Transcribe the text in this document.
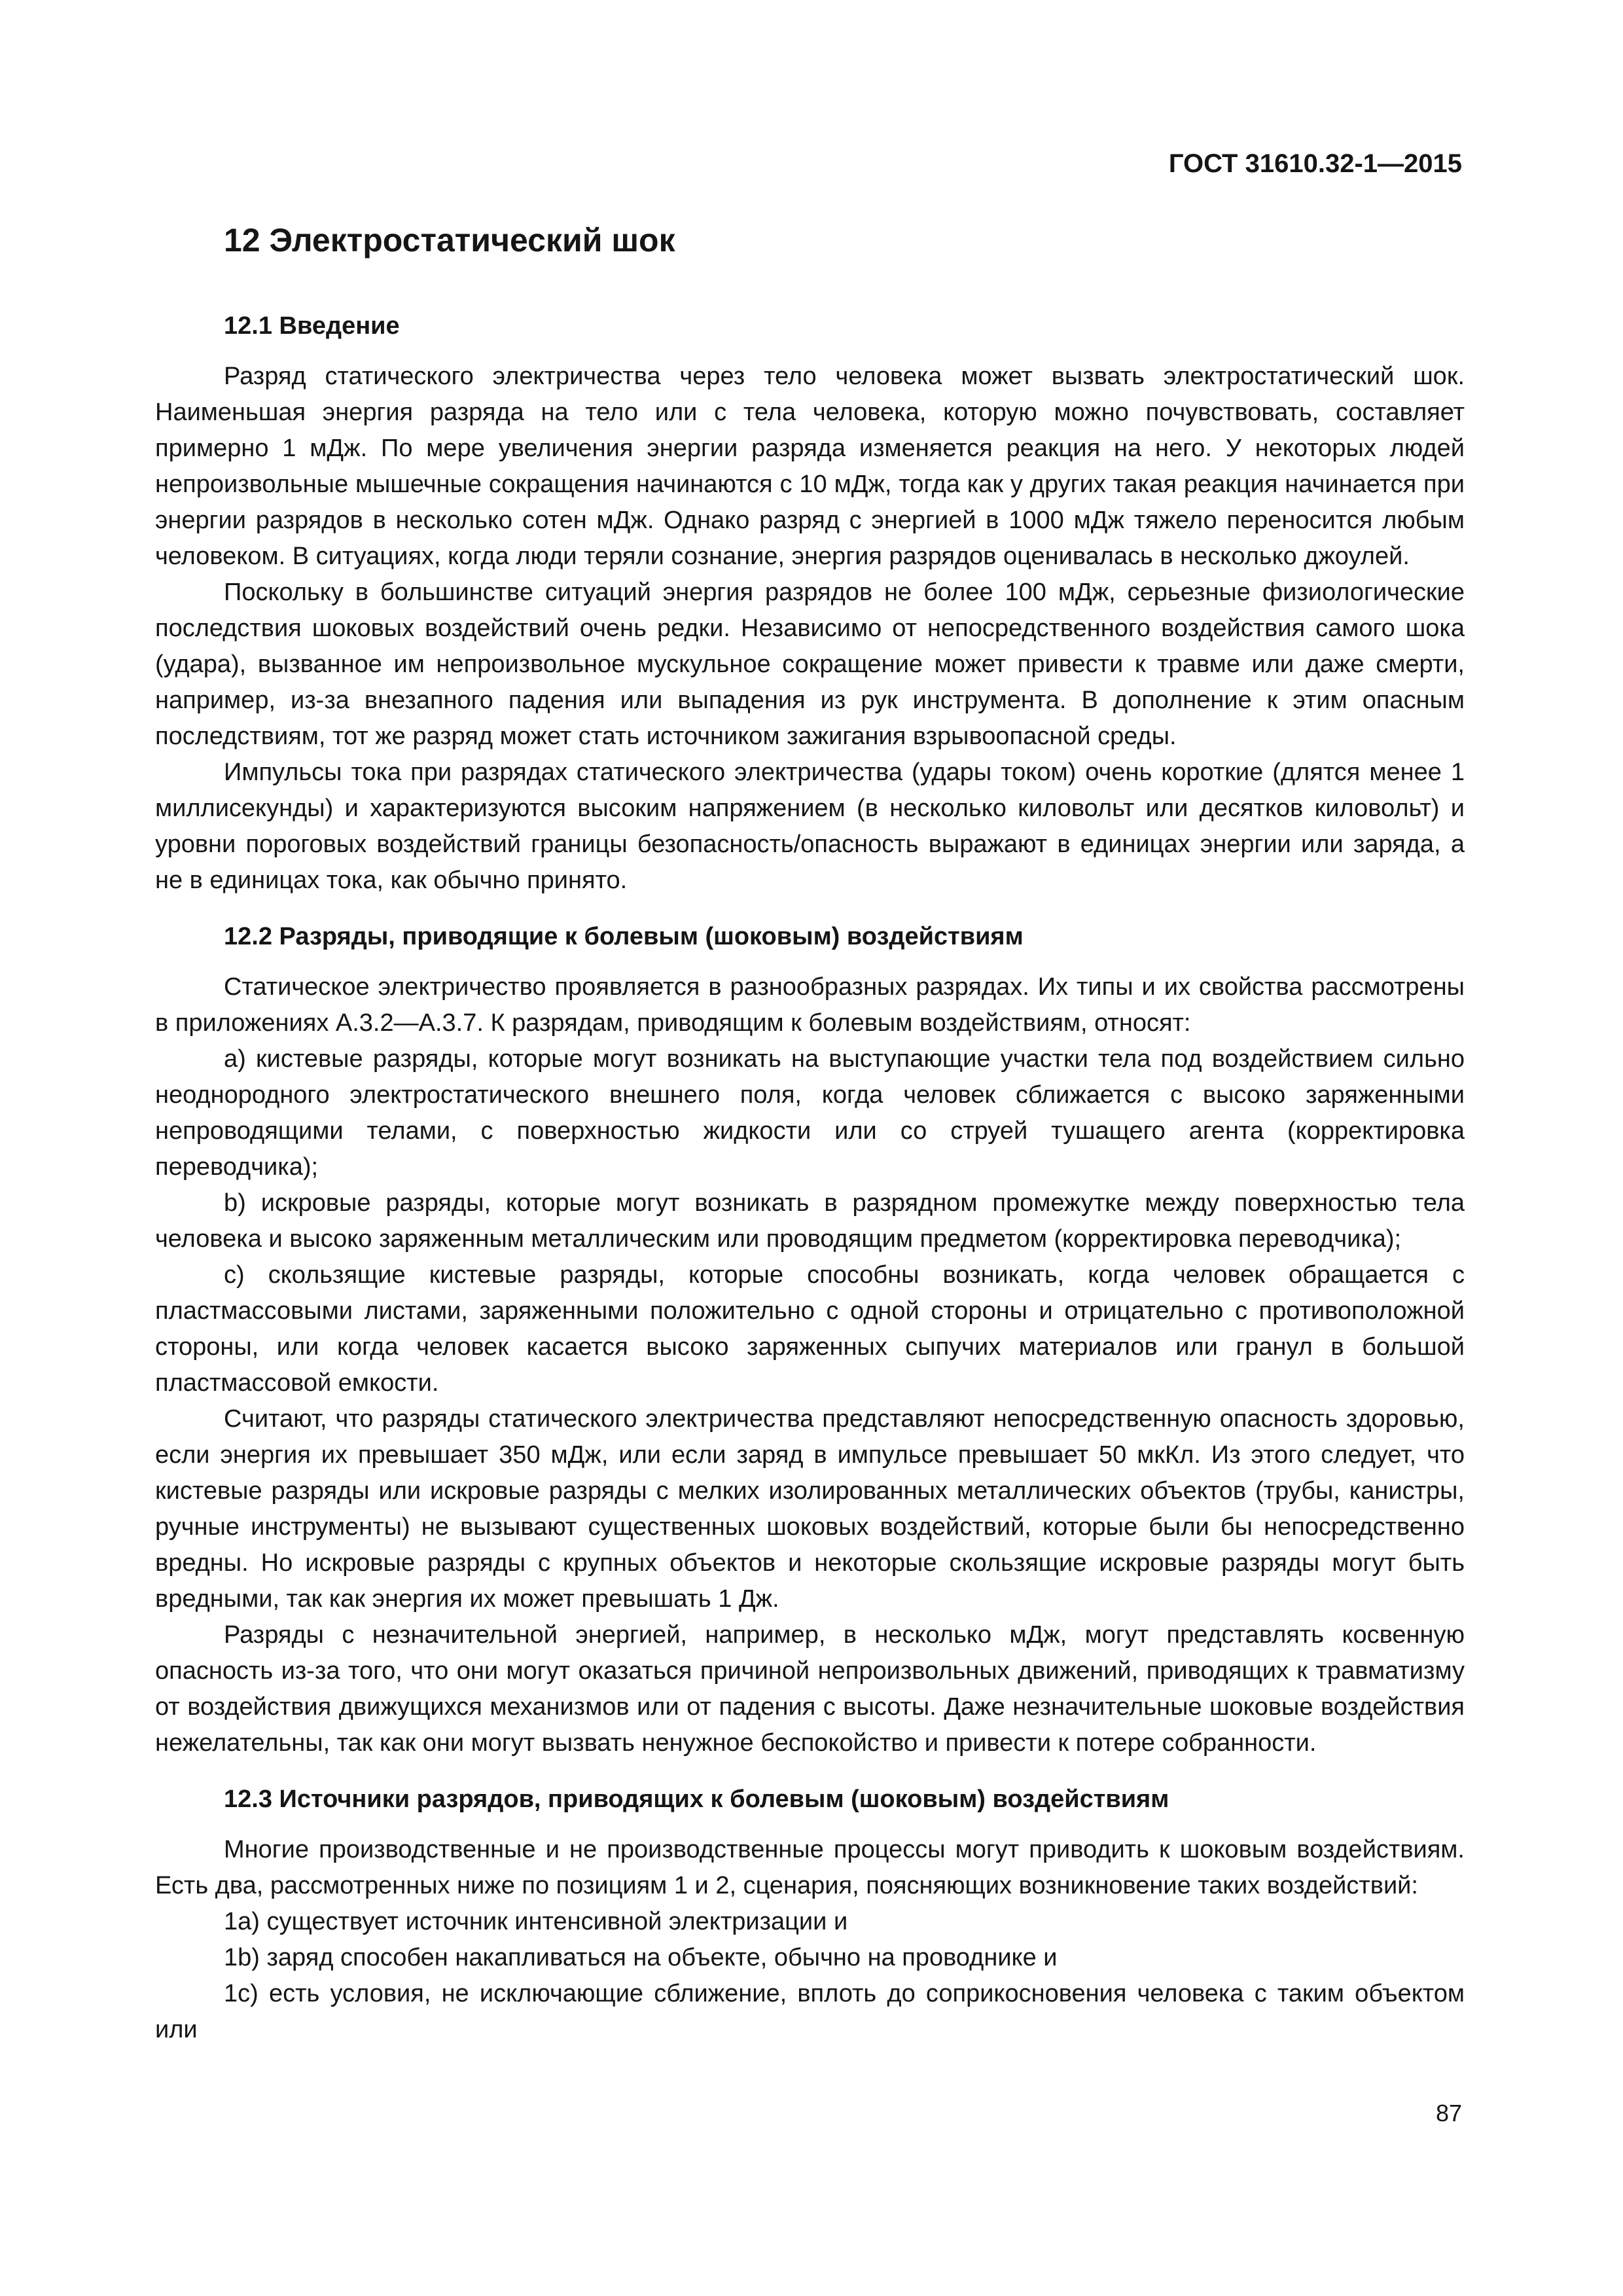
ГОСТ 31610.32-1—2015
12 Электростатический шок
12.1 Введение

Разряд статического электричества через тело человека может вызвать электростатический шок. Наименьшая энергия разряда на тело или с тела человека, которую можно почувствовать, составляет примерно 1 мДж. По мере увеличения энергии разряда изменяется реакция на него. У некоторых людей непроизвольные мышечные сокращения начинаются с 10 мДж, тогда как у других такая реакция начинается при энергии разрядов в несколько сотен мДж. Однако разряд с энергией в 1000 мДж тяжело переносится любым человеком. В ситуациях, когда люди теряли сознание, энергия разрядов оценивалась в несколько джоулей.

Поскольку в большинстве ситуаций энергия разрядов не более 100 мДж, серьезные физиологические последствия шоковых воздействий очень редки. Независимо от непосредственного воздействия самого шока (удара), вызванное им непроизвольное мускульное сокращение может привести к травме или даже смерти, например, из-за внезапного падения или выпадения из рук инструмента. В дополнение к этим опасным последствиям, тот же разряд может стать источником зажигания взрывоопасной среды.

Импульсы тока при разрядах статического электричества (удары током) очень короткие (длятся менее 1 миллисекунды) и характеризуются высоким напряжением (в несколько киловольт или десятков киловольт) и уровни пороговых воздействий границы безопасность/опасность выражают в единицах энергии или заряда, а не в единицах тока, как обычно принято.

12.2 Разряды, приводящие к болевым (шоковым) воздействиям

Статическое электричество проявляется в разнообразных разрядах. Их типы и их свойства рассмотрены в приложениях А.3.2—А.3.7. К разрядам, приводящим к болевым воздействиям, относят:

a) кистевые разряды, которые могут возникать на выступающие участки тела под воздействием сильно неоднородного электростатического внешнего поля, когда человек сближается с высоко заряженными непроводящими телами, с поверхностью жидкости или со струей тушащего агента (корректировка переводчика);

b) искровые разряды, которые могут возникать в разрядном промежутке между поверхностью тела человека и высоко заряженным металлическим или проводящим предметом (корректировка переводчика);

c) скользящие кистевые разряды, которые способны возникать, когда человек обращается с пластмассовыми листами, заряженными положительно с одной стороны и отрицательно с противоположной стороны, или когда человек касается высоко заряженных сыпучих материалов или гранул в большой пластмассовой емкости.

Считают, что разряды статического электричества представляют непосредственную опасность здоровью, если энергия их превышает 350 мДж, или если заряд в импульсе превышает 50 мкКл. Из этого следует, что кистевые разряды или искровые разряды с мелких изолированных металлических объектов (трубы, канистры, ручные инструменты) не вызывают существенных шоковых воздействий, которые были бы непосредственно вредны. Но искровые разряды с крупных объектов и некоторые скользящие искровые разряды могут быть вредными, так как энергия их может превышать 1 Дж.

Разряды с незначительной энергией, например, в несколько мДж, могут представлять косвенную опасность из-за того, что они могут оказаться причиной непроизвольных движений, приводящих к травматизму от воздействия движущихся механизмов или от падения с высоты. Даже незначительные шоковые воздействия нежелательны, так как они могут вызвать ненужное беспокойство и привести к потере собранности.

12.3 Источники разрядов, приводящих к болевым (шоковым) воздействиям

Многие производственные и не производственные процессы могут приводить к шоковым воздействиям. Есть два, рассмотренных ниже по позициям 1 и 2, сценария, поясняющих возникновение таких воздействий:

1a) существует источник интенсивной электризации и

1b) заряд способен накапливаться на объекте, обычно на проводнике и

1c) есть условия, не исключающие сближение, вплоть до соприкосновения человека с таким объектом или

87
